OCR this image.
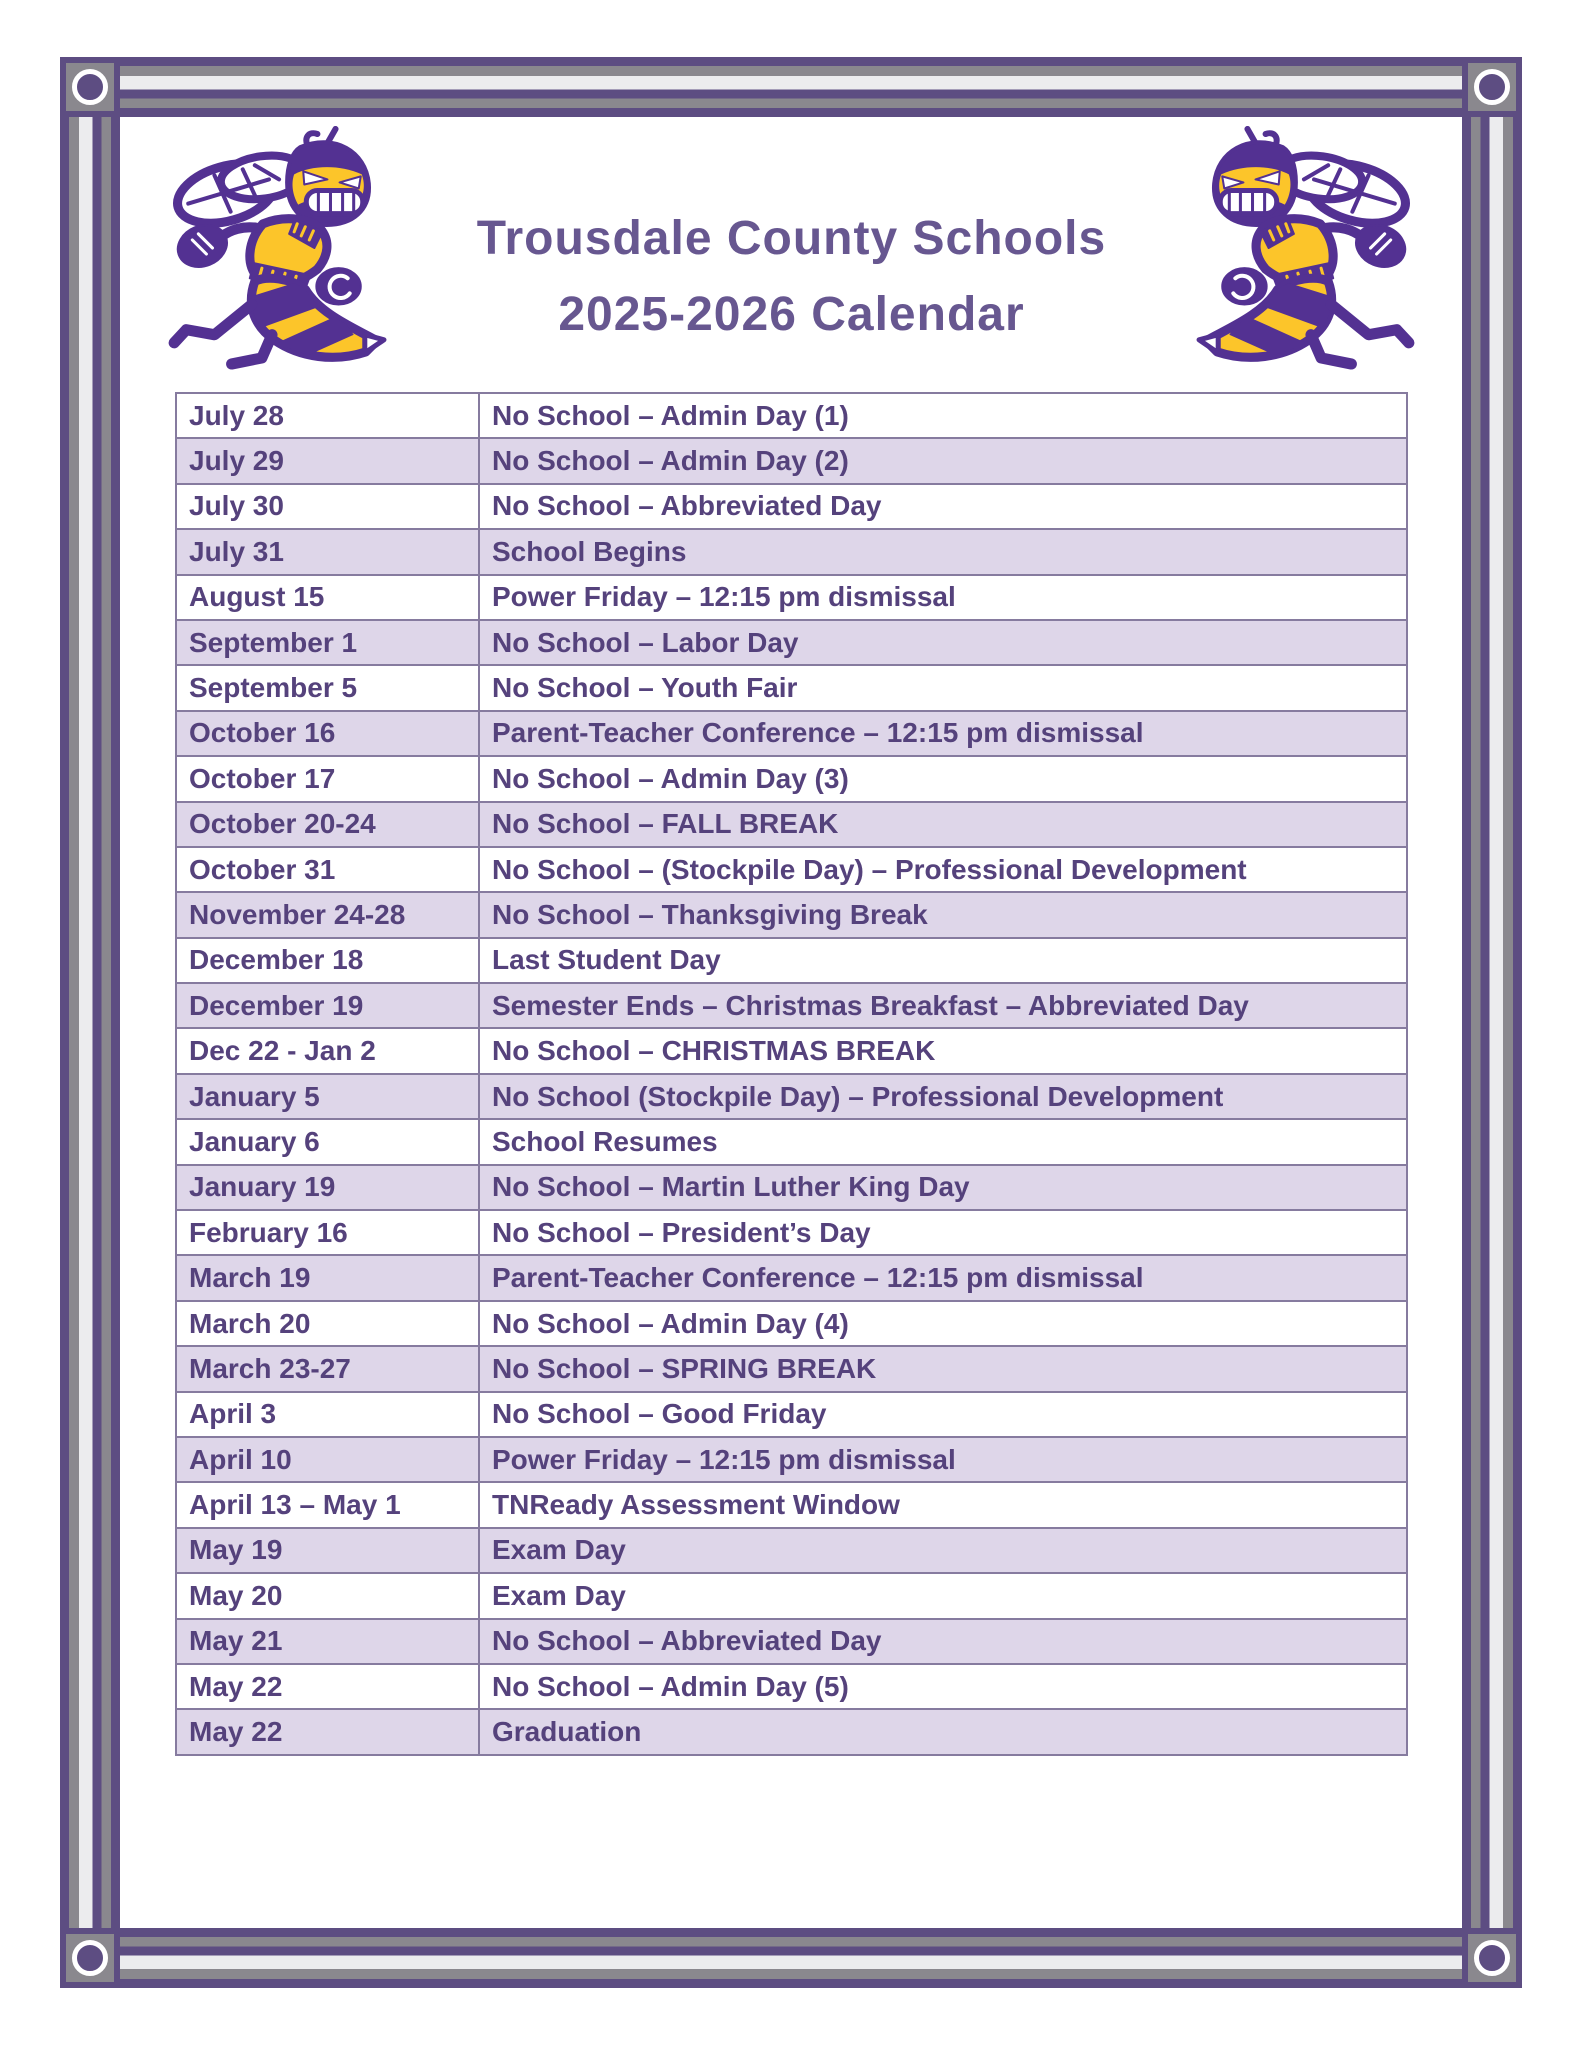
Trousdale County Schools
2025-2026 Calendar
July 28	No School – Admin Day (1)
July 29	No School – Admin Day (2)
July 30	No School – Abbreviated Day
July 31	School Begins
August 15	Power Friday – 12:15 pm dismissal
September 1	No School – Labor Day
September 5	No School – Youth Fair
October 16	Parent-Teacher Conference – 12:15 pm dismissal
October 17	No School – Admin Day (3)
October 20-24	No School – FALL BREAK
October 31	No School – (Stockpile Day) – Professional Development
November 24-28	No School – Thanksgiving Break
December 18	Last Student Day
December 19	Semester Ends – Christmas Breakfast – Abbreviated Day
Dec 22 - Jan 2	No School – CHRISTMAS BREAK
January 5	No School (Stockpile Day) – Professional Development
January 6	School Resumes
January 19	No School – Martin Luther King Day
February 16	No School – President’s Day
March 19	Parent-Teacher Conference – 12:15 pm dismissal
March 20	No School – Admin Day (4)
March 23-27	No School – SPRING BREAK
April 3	No School – Good Friday
April 10	Power Friday – 12:15 pm dismissal
April 13 – May 1	TNReady Assessment Window
May 19	Exam Day
May 20	Exam Day
May 21	No School – Abbreviated Day
May 22	No School – Admin Day (5)
May 22	Graduation
